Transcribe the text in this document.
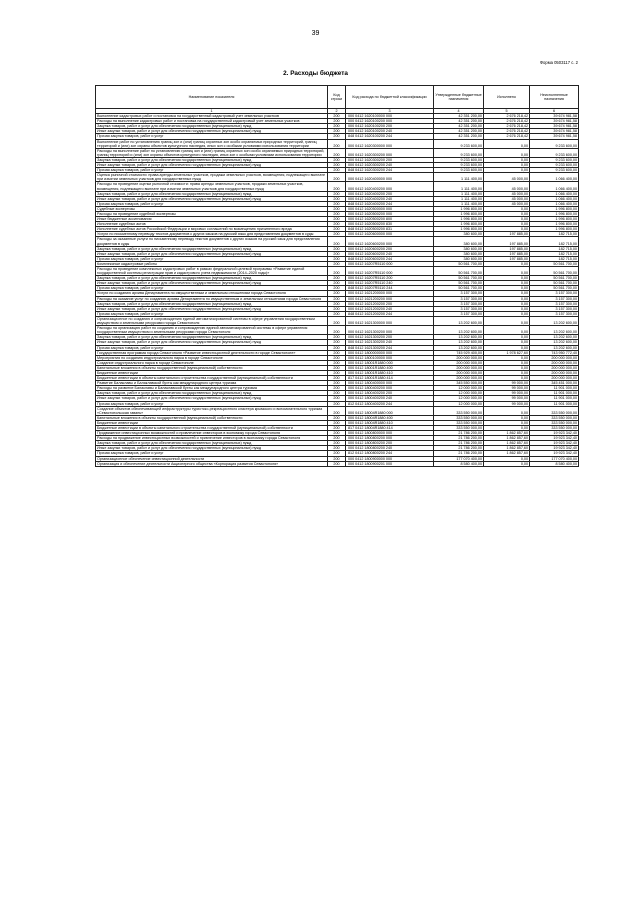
39
Форма 0503117 с. 2
2. Расходы бюджета
Наименование показателя	Код строки	Код расхода по бюджетной классификации	Утвержденные бюджетные назначения	Исполнено	Неисполненные назначения
1	2	3	4	5	6
Выполнение кадастровых работ и постановка на государственный кадастровый учет земельных участков	200	000 0412 1620100000 000	42 351 200,00	2 676 218,42	39 674 981,58
Расходы на выполнение кадастровых работ и постановка на государственный кадастровый учет земельных участков	200	000 0412 1620100200 000	42 351 200,00	2 676 218,42	39 674 981,58
Закупка товаров, работ и услуг для обеспечения государственных (муниципальных) нужд	200	000 0412 1620100200 200	42 351 200,00	2 676 218,42	39 674 981,58
Иные закупки товаров, работ и услуг для обеспечения государственных (муниципальных) нужд	200	000 0412 1620100200 240	42 351 200,00	2 676 218,42	39 674 981,58
Прочая закупка товаров, работ и услуг	200	848 0412 1620100200 244	42 351 200,00	2 676 218,42	39 674 981,58
Выполнение работ по установлению границ зон и (или) границ охранных зон особо охраняемых природных территорий, границ территорий и (или) зон охраны объектов культурного наследия, иных зон с особыми условиями использования территории	200	000 0412 1620300000 000	9 233 600,00	0,00	9 233 600,00
Расходы на выполнение работ по установлению границ зон и (или) границ охранных зон особо охраняемых природных территорий, границ территорий и (или) зон охраны объектов культурного наследия, иных зон с особыми условиями использования территории	200	000 0412 1620300200 000	9 233 600,00	0,00	9 233 600,00
Закупка товаров, работ и услуг для обеспечения государственных (муниципальных) нужд	200	000 0412 1620300200 200	9 233 600,00	0,00	9 233 600,00
Иные закупки товаров, работ и услуг для обеспечения государственных (муниципальных) нужд	200	000 0412 1620300200 240	9 233 600,00	0,00	9 233 600,00
Прочая закупка товаров, работ и услуг	200	848 0412 1620300200 244	9 233 600,00	0,00	9 233 600,00
Оценка рыночной стоимости: права аренды земельных участков, продажи земельных участков, возмещения, подлежащего выплате при изъятии земельных участков для государственных нужд	200	000 0412 1620400000 000	1 111 400,00	45 000,00	1 066 400,00
Расходы на проведение оценки рыночной стоимости: права аренды земельных участков, продажи земельных участков, возмещения, подлежащего выплате при изъятии земельных участков для государственных нужд	200	000 0412 1620400200 000	1 111 400,00	45 000,00	1 066 400,00
Закупка товаров, работ и услуг для обеспечения государственных (муниципальных) нужд	200	000 0412 1620400200 200	1 111 400,00	45 000,00	1 066 400,00
Иные закупки товаров, работ и услуг для обеспечения государственных (муниципальных) нужд	200	000 0412 1620400200 240	1 111 400,00	45 000,00	1 066 400,00
Прочая закупка товаров, работ и услуг	200	848 0412 1620400200 244	1 111 400,00	45 000,00	1 066 400,00
Судебные экспертизы	200	000 0412 1620500000 000	1 996 800,00	0,00	1 996 800,00
Расходы на проведение судебной экспертизы	200	000 0412 1620500200 000	1 996 800,00	0,00	1 996 800,00
Иные бюджетные ассигнования	200	000 0412 1620500200 800	1 996 800,00	0,00	1 996 800,00
Исполнение судебных актов	200	000 0412 1620500200 830	1 996 800,00	0,00	1 996 800,00
Исполнение судебных актов Российской Федерации и мировых соглашений по возмещению причиненного вреда	200	848 0412 1620500200 831	1 996 800,00	0,00	1 996 800,00
Услуги по письменному переводу текстов документов с других языков на русский язык для представления документов в суды	200	000 0412 1620600000 000	380 600,00	197 885,00	182 715,00
Расходы за оказанные услуги по письменному переводу текстов документов с других языков на русский язык для представления документов в суды	200	000 0412 1620600200 000	380 600,00	197 885,00	182 715,00
Закупка товаров, работ и услуг для обеспечения государственных (муниципальных) нужд	200	000 0412 1620600200 200	380 600,00	197 885,00	182 715,00
Иные закупки товаров, работ и услуг для обеспечения государственных (муниципальных) нужд	200	000 0412 1620600200 240	380 600,00	197 885,00	182 715,00
Прочая закупка товаров, работ и услуг	200	848 0412 1620600200 244	380 600,00	197 885,00	182 715,00
Комплексные кадастровые работы	200	000 0412 16207R5110 000	50 561 700,00	0,00	50 561 700,00
Расходы на проведение комплексных кадастровых работ в рамках федеральной целевой программы «Развитие единой государственной системы регистрации прав и кадастрового учета недвижимости (2014–2020 годы)»	200	000 0412 16207R5110 000	50 561 700,00	0,00	50 561 700,00
Закупка товаров, работ и услуг для обеспечения государственных (муниципальных) нужд	200	000 0412 16207R5110 200	50 561 700,00	0,00	50 561 700,00
Иные закупки товаров, работ и услуг для обеспечения государственных (муниципальных) нужд	200	000 0412 16207R5110 240	50 561 700,00	0,00	50 561 700,00
Прочая закупка товаров, работ и услуг	200	848 0412 16207R5110 244	50 561 700,00	0,00	50 561 700,00
Услуги по созданию архива Департамента по имущественным и земельным отношениям города Севастополя	200	000 0412 1621200000 000	3 157 300,00	0,00	3 157 300,00
Расходы на оказание услуг по созданию архива Департамента по имущественным и земельным отношениям города Севастополя	200	000 0412 1621200200 000	3 157 300,00	0,00	3 157 300,00
Закупка товаров, работ и услуг для обеспечения государственных (муниципальных) нужд	200	000 0412 1621200200 200	3 157 300,00	0,00	3 157 300,00
Иные закупки товаров, работ и услуг для обеспечения государственных (муниципальных) нужд	200	000 0412 1621200200 240	3 157 300,00	0,00	3 157 300,00
Прочая закупка товаров, работ и услуг	200	848 0412 1621200200 244	3 157 300,00	0,00	3 157 300,00
Организационное по созданию и сопровождению единой автоматизированной системы в сфере управления государственным имуществом и земельными ресурсами города Севастополя	200	000 0412 1621300000 000	13 202 600,00	0,00	13 202 600,00
Расходы на организацию работ по созданию и сопровождению единой автоматизированной системы в сфере управления государственным имуществом и земельными ресурсами города Севастополя	200	000 0412 1621300200 000	13 202 600,00	0,00	13 202 600,00
Закупка товаров, работ и услуг для обеспечения государственных (муниципальных) нужд	200	000 0412 1621300200 200	13 202 600,00	0,00	13 202 600,00
Иные закупки товаров, работ и услуг для обеспечения государственных (муниципальных) нужд	200	000 0412 1621300200 240	13 202 600,00	0,00	13 202 600,00
Прочая закупка товаров, работ и услуг	200	848 0412 1621300200 244	13 202 600,00	0,00	13 202 600,00
Государственная программа города Севастополя «Развитие инвестиционной деятельности в городе Севастополе»	200	000 0412 1800000000 000	745 929 400,00	1 978 627,60	743 950 772,40
Мероприятия по созданию индустриального парка в городе Севастополе	200	000 0412 1800100000 000	200 000 000,00	0,00	200 000 000,00
Создание индустриального парка в городе Севастополе	200	000 0412 18001R1880 000	200 000 000,00	0,00	200 000 000,00
Капитальные вложения в объекты государственной (муниципальной) собственности	200	000 0412 18001R1880 400	200 000 000,00	0,00	200 000 000,00
Бюджетные инвестиции	200	000 0412 18001R1880 410	200 000 000,00	0,00	200 000 000,00
Бюджетные инвестиции в объекты капитального строительства государственной (муниципальной) собственности	200	817 0412 18001R1880 414	200 000 000,00	0,00	200 000 000,00
Развитие Балаклавы и Балаклавской бухты как международного центра туризма	200	000 0412 1800400000 000	345 550 000,00	99 000,00	345 451 000,00
Расходы на развитие Балаклавы и Балаклавской бухты как международного центра туризма	200	000 0412 1800400200 000	12 000 000,00	99 000,00	11 901 000,00
Закупка товаров, работ и услуг для обеспечения государственных (муниципальных) нужд	200	000 0412 1800400200 200	12 000 000,00	99 000,00	11 901 000,00
Иные закупки товаров, работ и услуг для обеспечения государственных (муниципальных) нужд	200	000 0412 1800400200 240	12 000 000,00	99 000,00	11 901 000,00
Прочая закупка товаров, работ и услуг	200	812 0412 1800400200 244	12 000 000,00	99 000,00	11 901 000,00
Создание объектов обеспечивающей инфраструктуры туристско-рекреационного кластера крымского и вспомогательного туризма «Севастопольская гавань»	200	000 0412 18004R1880 000	333 550 000,00	0,00	333 550 000,00
Капитальные вложения в объекты государственной (муниципальной) собственности	200	000 0412 18004R1880 400	333 550 000,00	0,00	333 550 000,00
Бюджетные инвестиции	200	000 0412 18004R1880 410	333 550 000,00	0,00	333 550 000,00
Бюджетные инвестиции в объекты капитального строительства государственной (муниципальной) собственности	200	817 0412 18004R1880 414	333 550 000,00	0,00	333 550 000,00
Продвижение инвестиционных возможностей и привлечение инвесторов в экономику города Севастополя	200	000 0412 1800800000 000	21 786 200,00	1 862 857,60	19 923 342,40
Расходы на продвижение инвестиционных возможностей и привлечение инвесторов в экономику города Севастополя	200	000 0412 1800800200 000	21 786 200,00	1 862 857,60	19 923 342,40
Закупка товаров, работ и услуг для обеспечения государственных (муниципальных) нужд	200	000 0412 1800800200 200	21 786 200,00	1 862 857,60	19 923 342,40
Иные закупки товаров, работ и услуг для обеспечения государственных (муниципальных) нужд	200	000 0412 1800800200 240	21 786 200,00	1 862 857,60	19 923 342,40
Прочая закупка товаров, работ и услуг	200	812 0412 1800800200 244	21 786 200,00	1 862 857,60	19 923 342,40
Организационное обеспечение инвестиционной деятельности	200	000 0412 1800900000 000	177 070 400,00	0,00	177 070 400,00
Организация и обеспечение деятельности Акционерного общества «Корпорация развития Севастополя»	200	000 0412 1800900201 000	8 580 400,00	0,00	8 580 400,00
